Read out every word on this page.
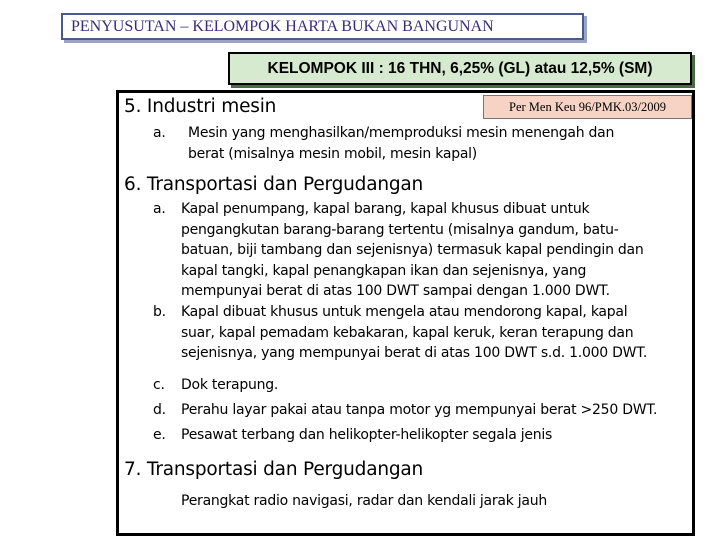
PENYUSUTAN – KELOMPOK HARTA BUKAN BANGUNAN
KELOMPOK III : 16 THN, 6,25% (GL) atau 12,5% (SM)
Per Men Keu 96/PMK.03/2009
5. Industri mesin
a. Mesin yang menghasilkan/memproduksi mesin menengah dan
berat (misalnya mesin mobil, mesin kapal)
6. Transportasi dan Pergudangan
a. Kapal penumpang, kapal barang, kapal khusus dibuat untuk
pengangkutan barang-barang tertentu (misalnya gandum, batu-
batuan, biji tambang dan sejenisnya) termasuk kapal pendingin dan
kapal tangki, kapal penangkapan ikan dan sejenisnya, yang
mempunyai berat di atas 100 DWT sampai dengan 1.000 DWT.
b. Kapal dibuat khusus untuk mengela atau mendorong kapal, kapal
suar, kapal pemadam kebakaran, kapal keruk, keran terapung dan
sejenisnya, yang mempunyai berat di atas 100 DWT s.d. 1.000 DWT.
c. Dok terapung.
d. Perahu layar pakai atau tanpa motor yg mempunyai berat >250 DWT.
e. Pesawat terbang dan helikopter-helikopter segala jenis
7. Transportasi dan Pergudangan
Perangkat radio navigasi, radar dan kendali jarak jauh
